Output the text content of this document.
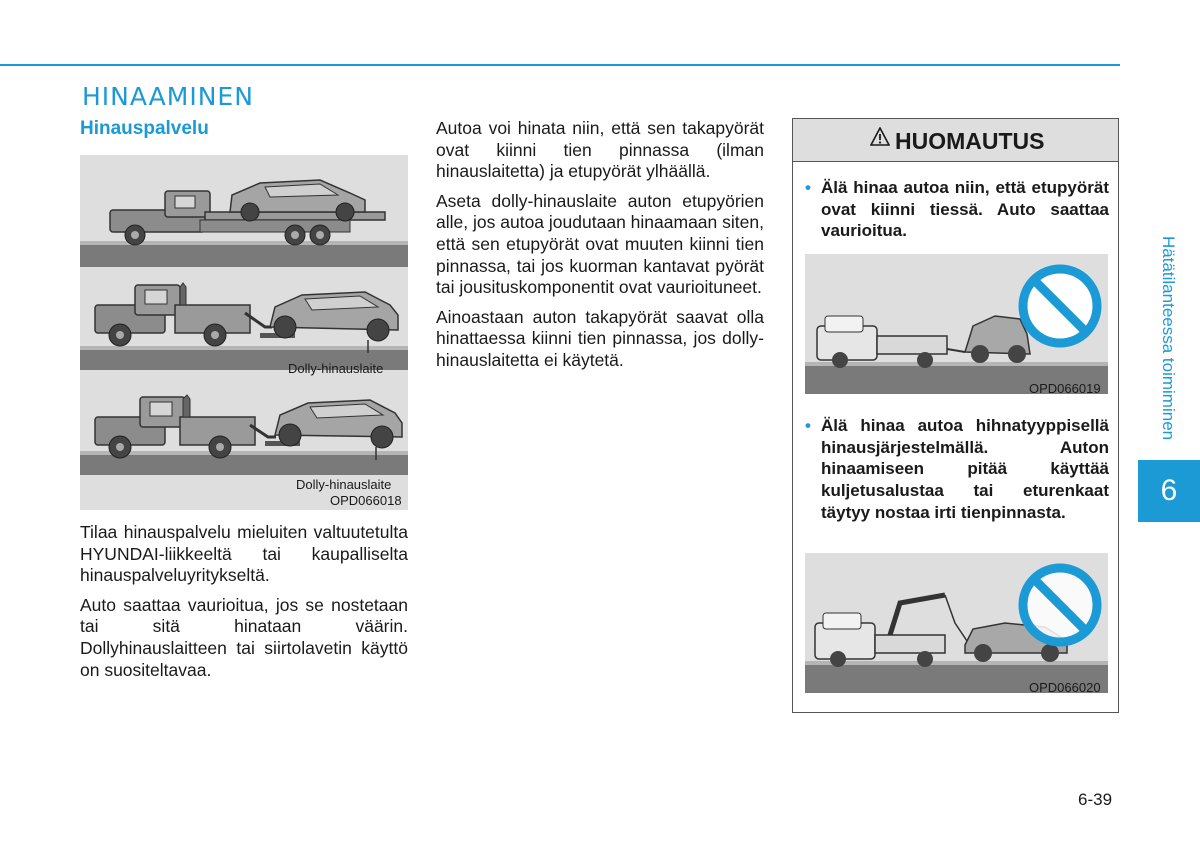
HINAAMINEN
Hinauspalvelu
Dolly-hinauslaite
Dolly-hinauslaite
OPD066018

Tilaa hinauspalvelu mieluiten valtuutetulta HYUNDAI-liikkeeltä tai kaupalliselta hinauspalveluyritykseltä.

Auto saattaa vaurioitua, jos se nostetaan tai sitä hinataan väärin. Dollyhinauslaitteen tai siirtolavetin käyttö on suositeltavaa.

Autoa voi hinata niin, että sen takapyörät ovat kiinni tien pinnassa (ilman hinauslaitetta) ja etupyörät ylhäällä.

Aseta dolly-hinauslaite auton etupyörien alle, jos autoa joudutaan hinaamaan siten, että sen etupyörät ovat muuten kiinni tien pinnassa, tai jos kuorman kantavat pyörät tai jousituskomponentit ovat vaurioituneet.

Ainoastaan auton takapyörät saavat olla hinattaessa kiinni tien pinnassa, jos dolly-hinauslaitetta ei käytetä.

HUOMAUTUS
• Älä hinaa autoa niin, että etupyörät ovat kiinni tiessä. Auto saattaa vaurioitua.
OPD066019
• Älä hinaa autoa hihnatyyppisellä hinausjärjestelmällä. Auton hinaamiseen pitää käyttää kuljetusalustaa tai eturenkaat täytyy nostaa irti tienpinnasta.
OPD066020
Hätätilanteessa toimiminen
6
6-39
